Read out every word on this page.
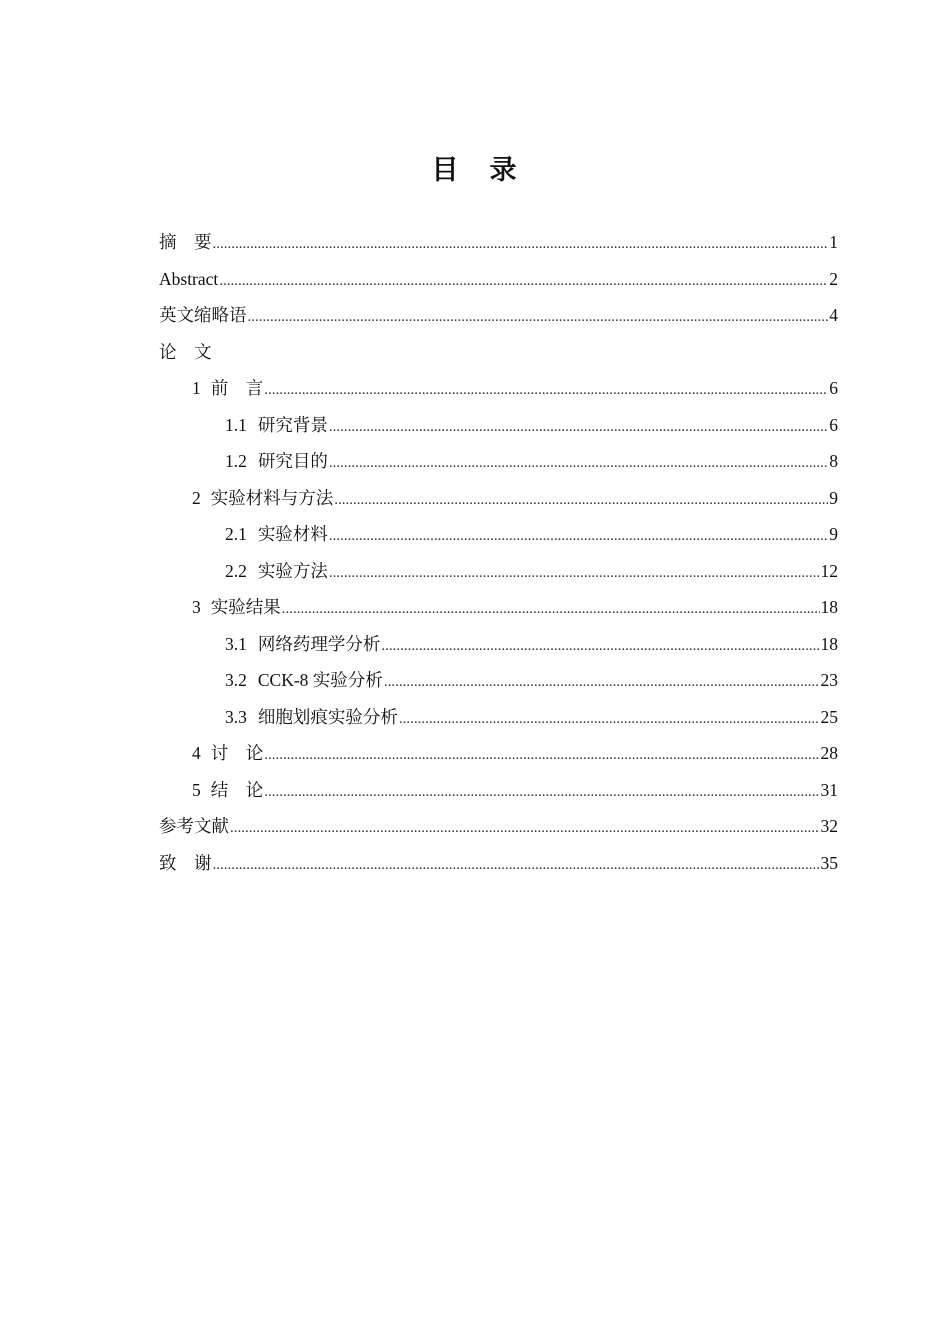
目　录
摘　要 .....	1
Abstract .....	2
英文缩略语 .....	4
论　文
1 前　言 .....	6
1.1 研究背景 .....	6
1.2 研究目的 .....	8
2 实验材料与方法 .....	9
2.1 实验材料 .....	9
2.2 实验方法 .....	12
3 实验结果 .....	18
3.1 网络药理学分析 .....	18
3.2 CCK-8 实验分析 .....	23
3.3 细胞划痕实验分析 .....	25
4 讨　论 .....	28
5 结　论 .....	31
参考文献 .....	32
致　谢 .....	35
